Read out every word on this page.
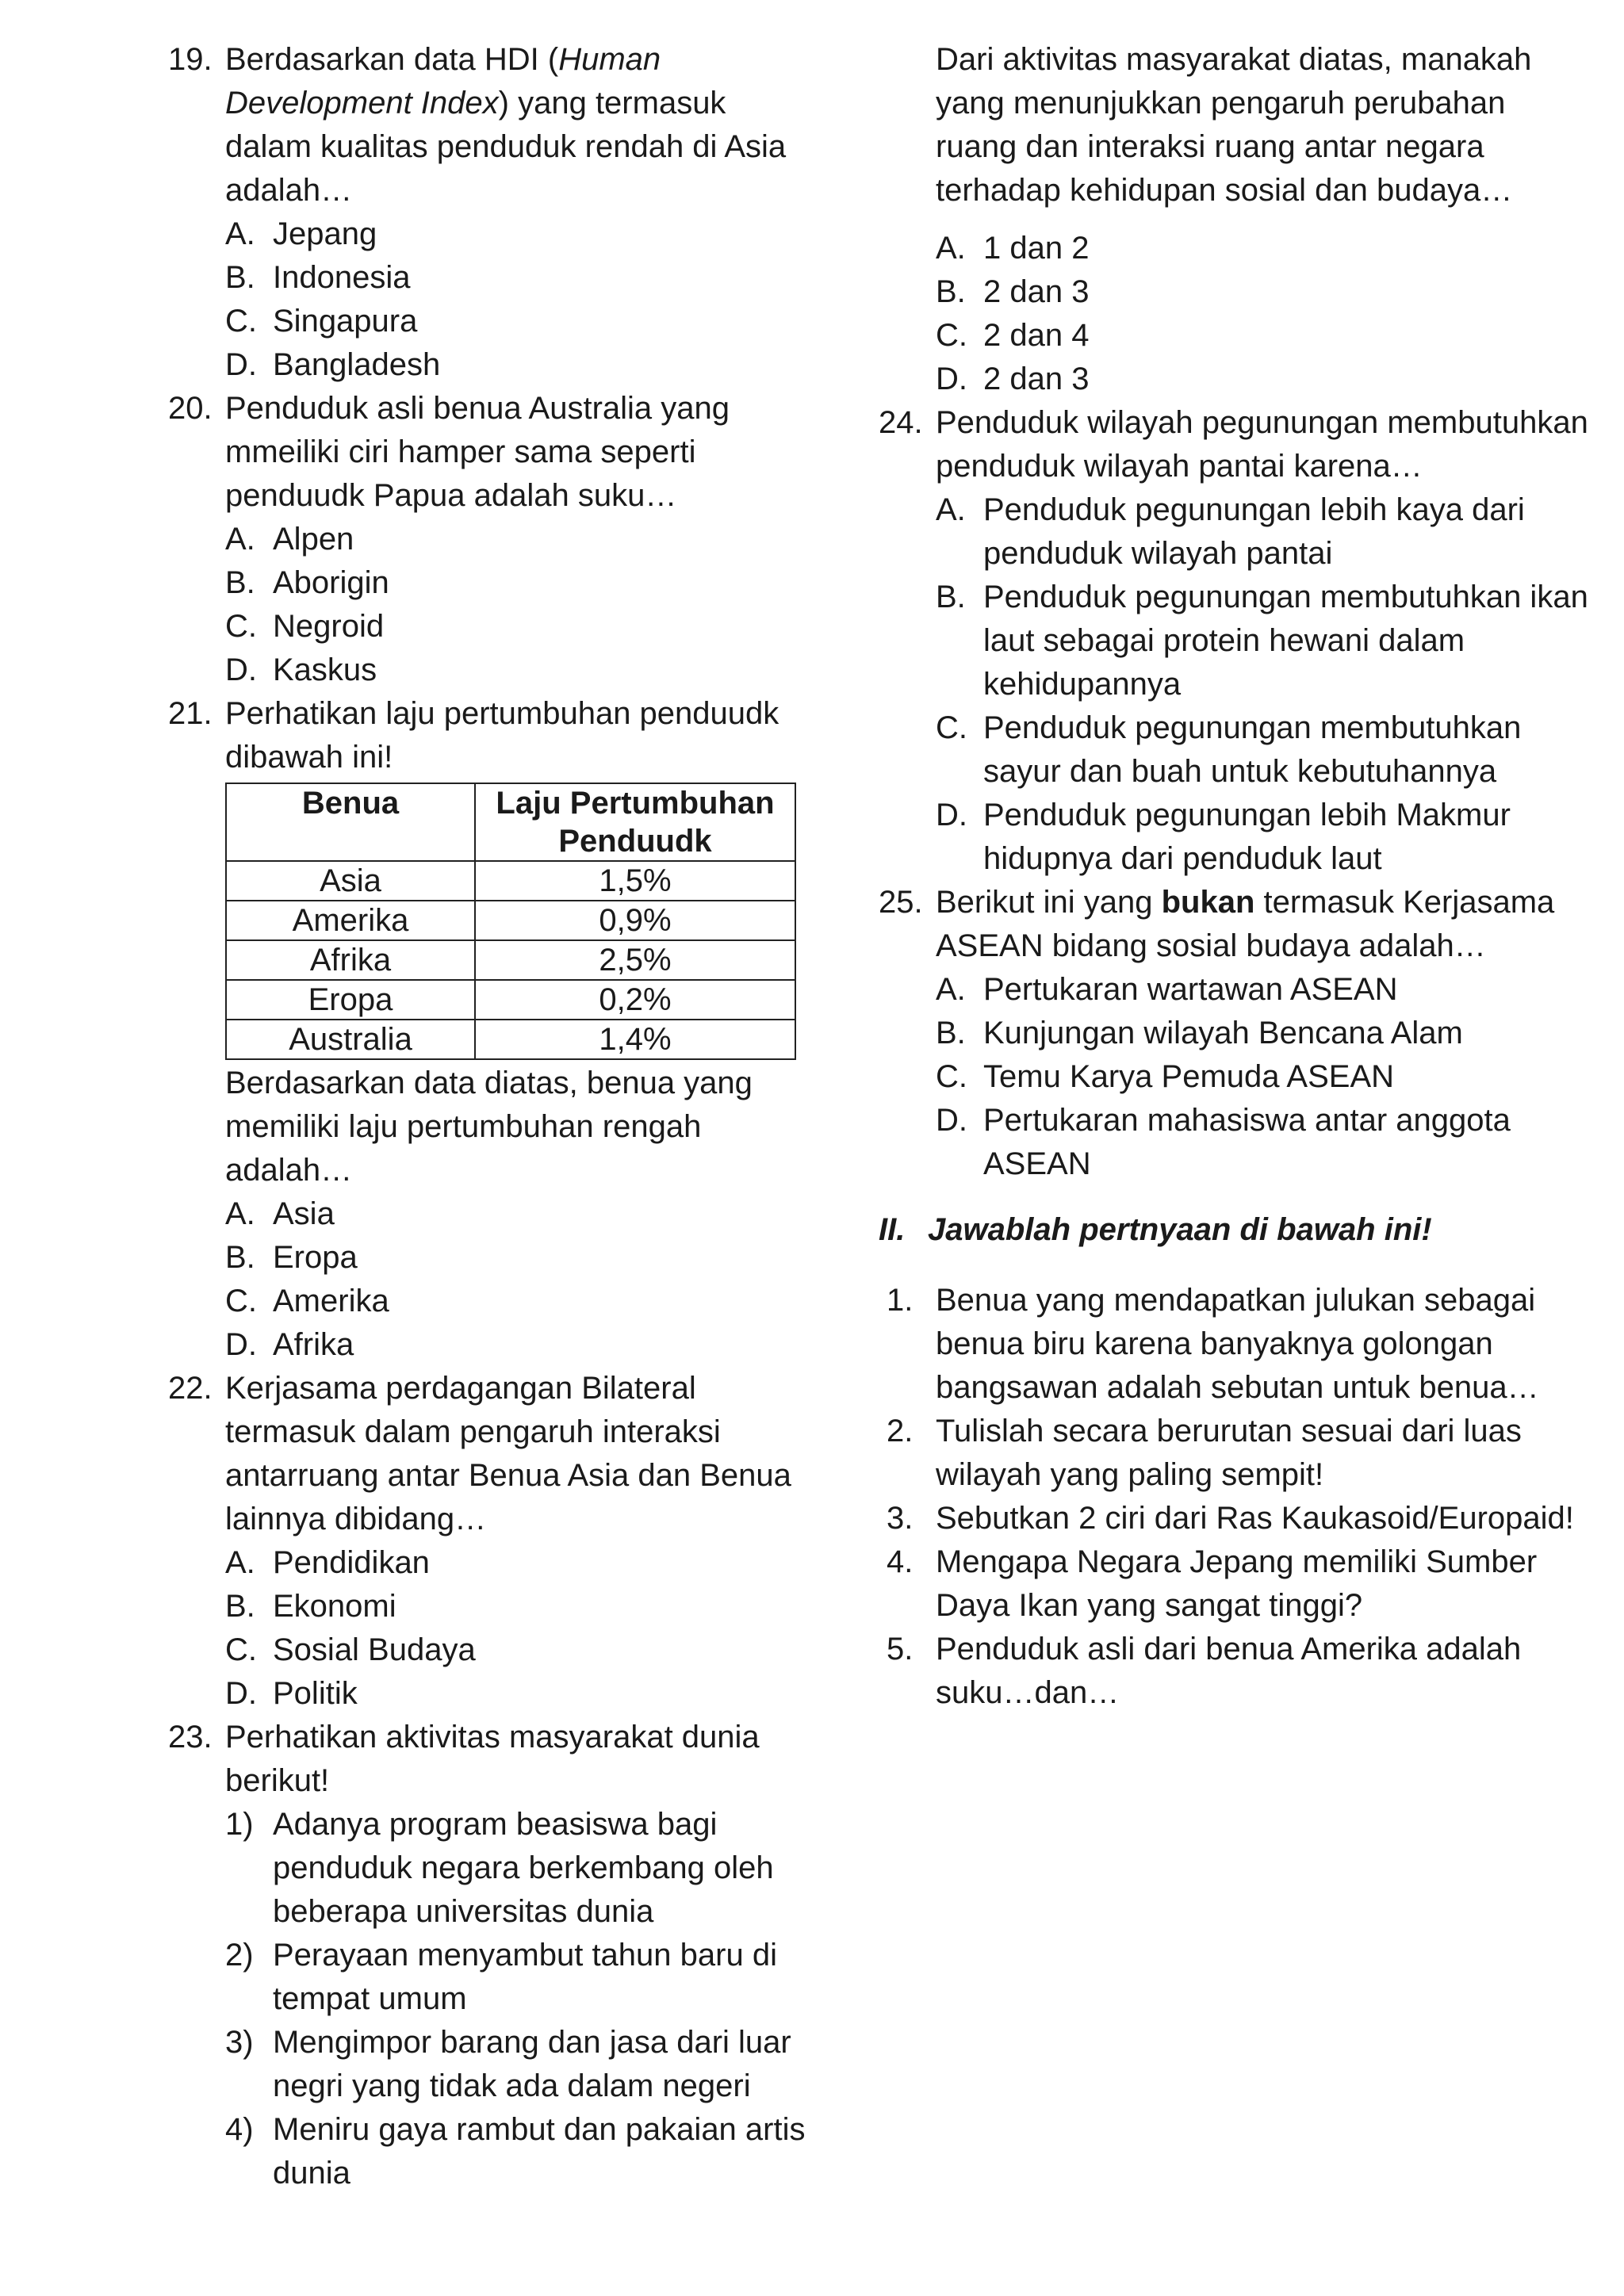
19. Berdasarkan data HDI (Human Development Index) yang termasuk dalam kualitas penduduk rendah di Asia adalah…
A. Jepang
B. Indonesia
C. Singapura
D. Bangladesh
20. Penduduk asli benua Australia yang mmeiliki ciri hamper sama seperti penduudk Papua adalah suku…
A. Alpen
B. Aborigin
C. Negroid
D. Kaskus
21. Perhatikan laju pertumbuhan penduudk dibawah ini!
Benua	Laju Pertumbuhan Penduudk
Asia	1,5%
Amerika	0,9%
Afrika	2,5%
Eropa	0,2%
Australia	1,4%
Berdasarkan data diatas, benua yang memiliki laju pertumbuhan rengah adalah…
A. Asia
B. Eropa
C. Amerika
D. Afrika
22. Kerjasama perdagangan Bilateral termasuk dalam pengaruh interaksi antarruang antar Benua Asia dan Benua lainnya dibidang…
A. Pendidikan
B. Ekonomi
C. Sosial Budaya
D. Politik
23. Perhatikan aktivitas masyarakat dunia berikut!
1) Adanya program beasiswa bagi penduduk negara berkembang oleh beberapa universitas dunia
2) Perayaan menyambut tahun baru di tempat umum
3) Mengimpor barang dan jasa dari luar negri yang tidak ada dalam negeri
4) Meniru gaya rambut dan pakaian artis dunia
Dari aktivitas masyarakat diatas, manakah yang menunjukkan pengaruh perubahan ruang dan interaksi ruang antar negara terhadap kehidupan sosial dan budaya…
A. 1 dan 2
B. 2 dan 3
C. 2 dan 4
D. 2 dan 3
24. Penduduk wilayah pegunungan membutuhkan penduduk wilayah pantai karena…
A. Penduduk pegunungan lebih kaya dari penduduk wilayah pantai
B. Penduduk pegunungan membutuhkan ikan laut sebagai protein hewani dalam kehidupannya
C. Penduduk pegunungan membutuhkan sayur dan buah untuk kebutuhannya
D. Penduduk pegunungan lebih Makmur hidupnya dari penduduk laut
25. Berikut ini yang bukan termasuk Kerjasama ASEAN bidang sosial budaya adalah…
A. Pertukaran wartawan ASEAN
B. Kunjungan wilayah Bencana Alam
C. Temu Karya Pemuda ASEAN
D. Pertukaran mahasiswa antar anggota ASEAN
II. Jawablah pertnyaan di bawah ini!
1. Benua yang mendapatkan julukan sebagai benua biru karena banyaknya golongan bangsawan adalah sebutan untuk benua…
2. Tulislah secara berurutan sesuai dari luas wilayah yang paling sempit!
3. Sebutkan 2 ciri dari Ras Kaukasoid/Europaid!
4. Mengapa Negara Jepang memiliki Sumber Daya Ikan yang sangat tinggi?
5. Penduduk asli dari benua Amerika adalah suku…dan…
